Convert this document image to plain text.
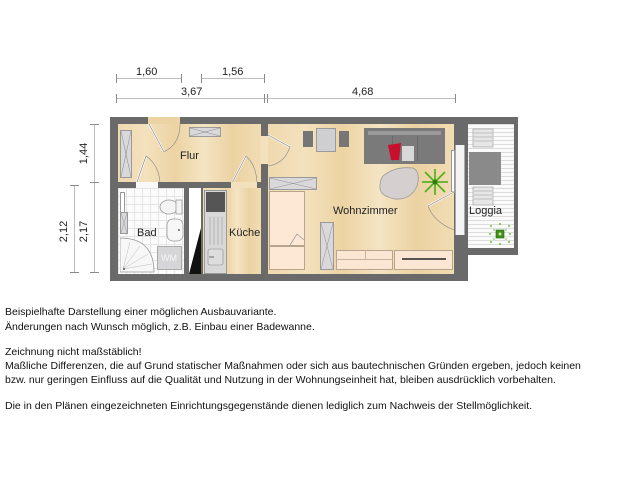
1,60	1,56
3,67	4,68
1,44
2,17
2,12
WM
Flur
Bad	Küche
Wohnzimmer	Loggia
Beispielhafte Darstellung einer möglichen Ausbauvariante.
Änderungen nach Wunsch möglich, z.B. Einbau einer Badewanne.
Zeichnung nicht maßstäblich!
Maßliche Differenzen, die auf Grund statischer Maßnahmen oder sich aus bautechnischen Gründen ergeben, jedoch keinen
bzw. nur geringen Einfluss auf die Qualität und Nutzung in der Wohnungseinheit hat, bleiben ausdrücklich vorbehalten.
Die in den Plänen eingezeichneten Einrichtungsgegenstände dienen lediglich zum Nachweis der Stellmöglichkeit.
